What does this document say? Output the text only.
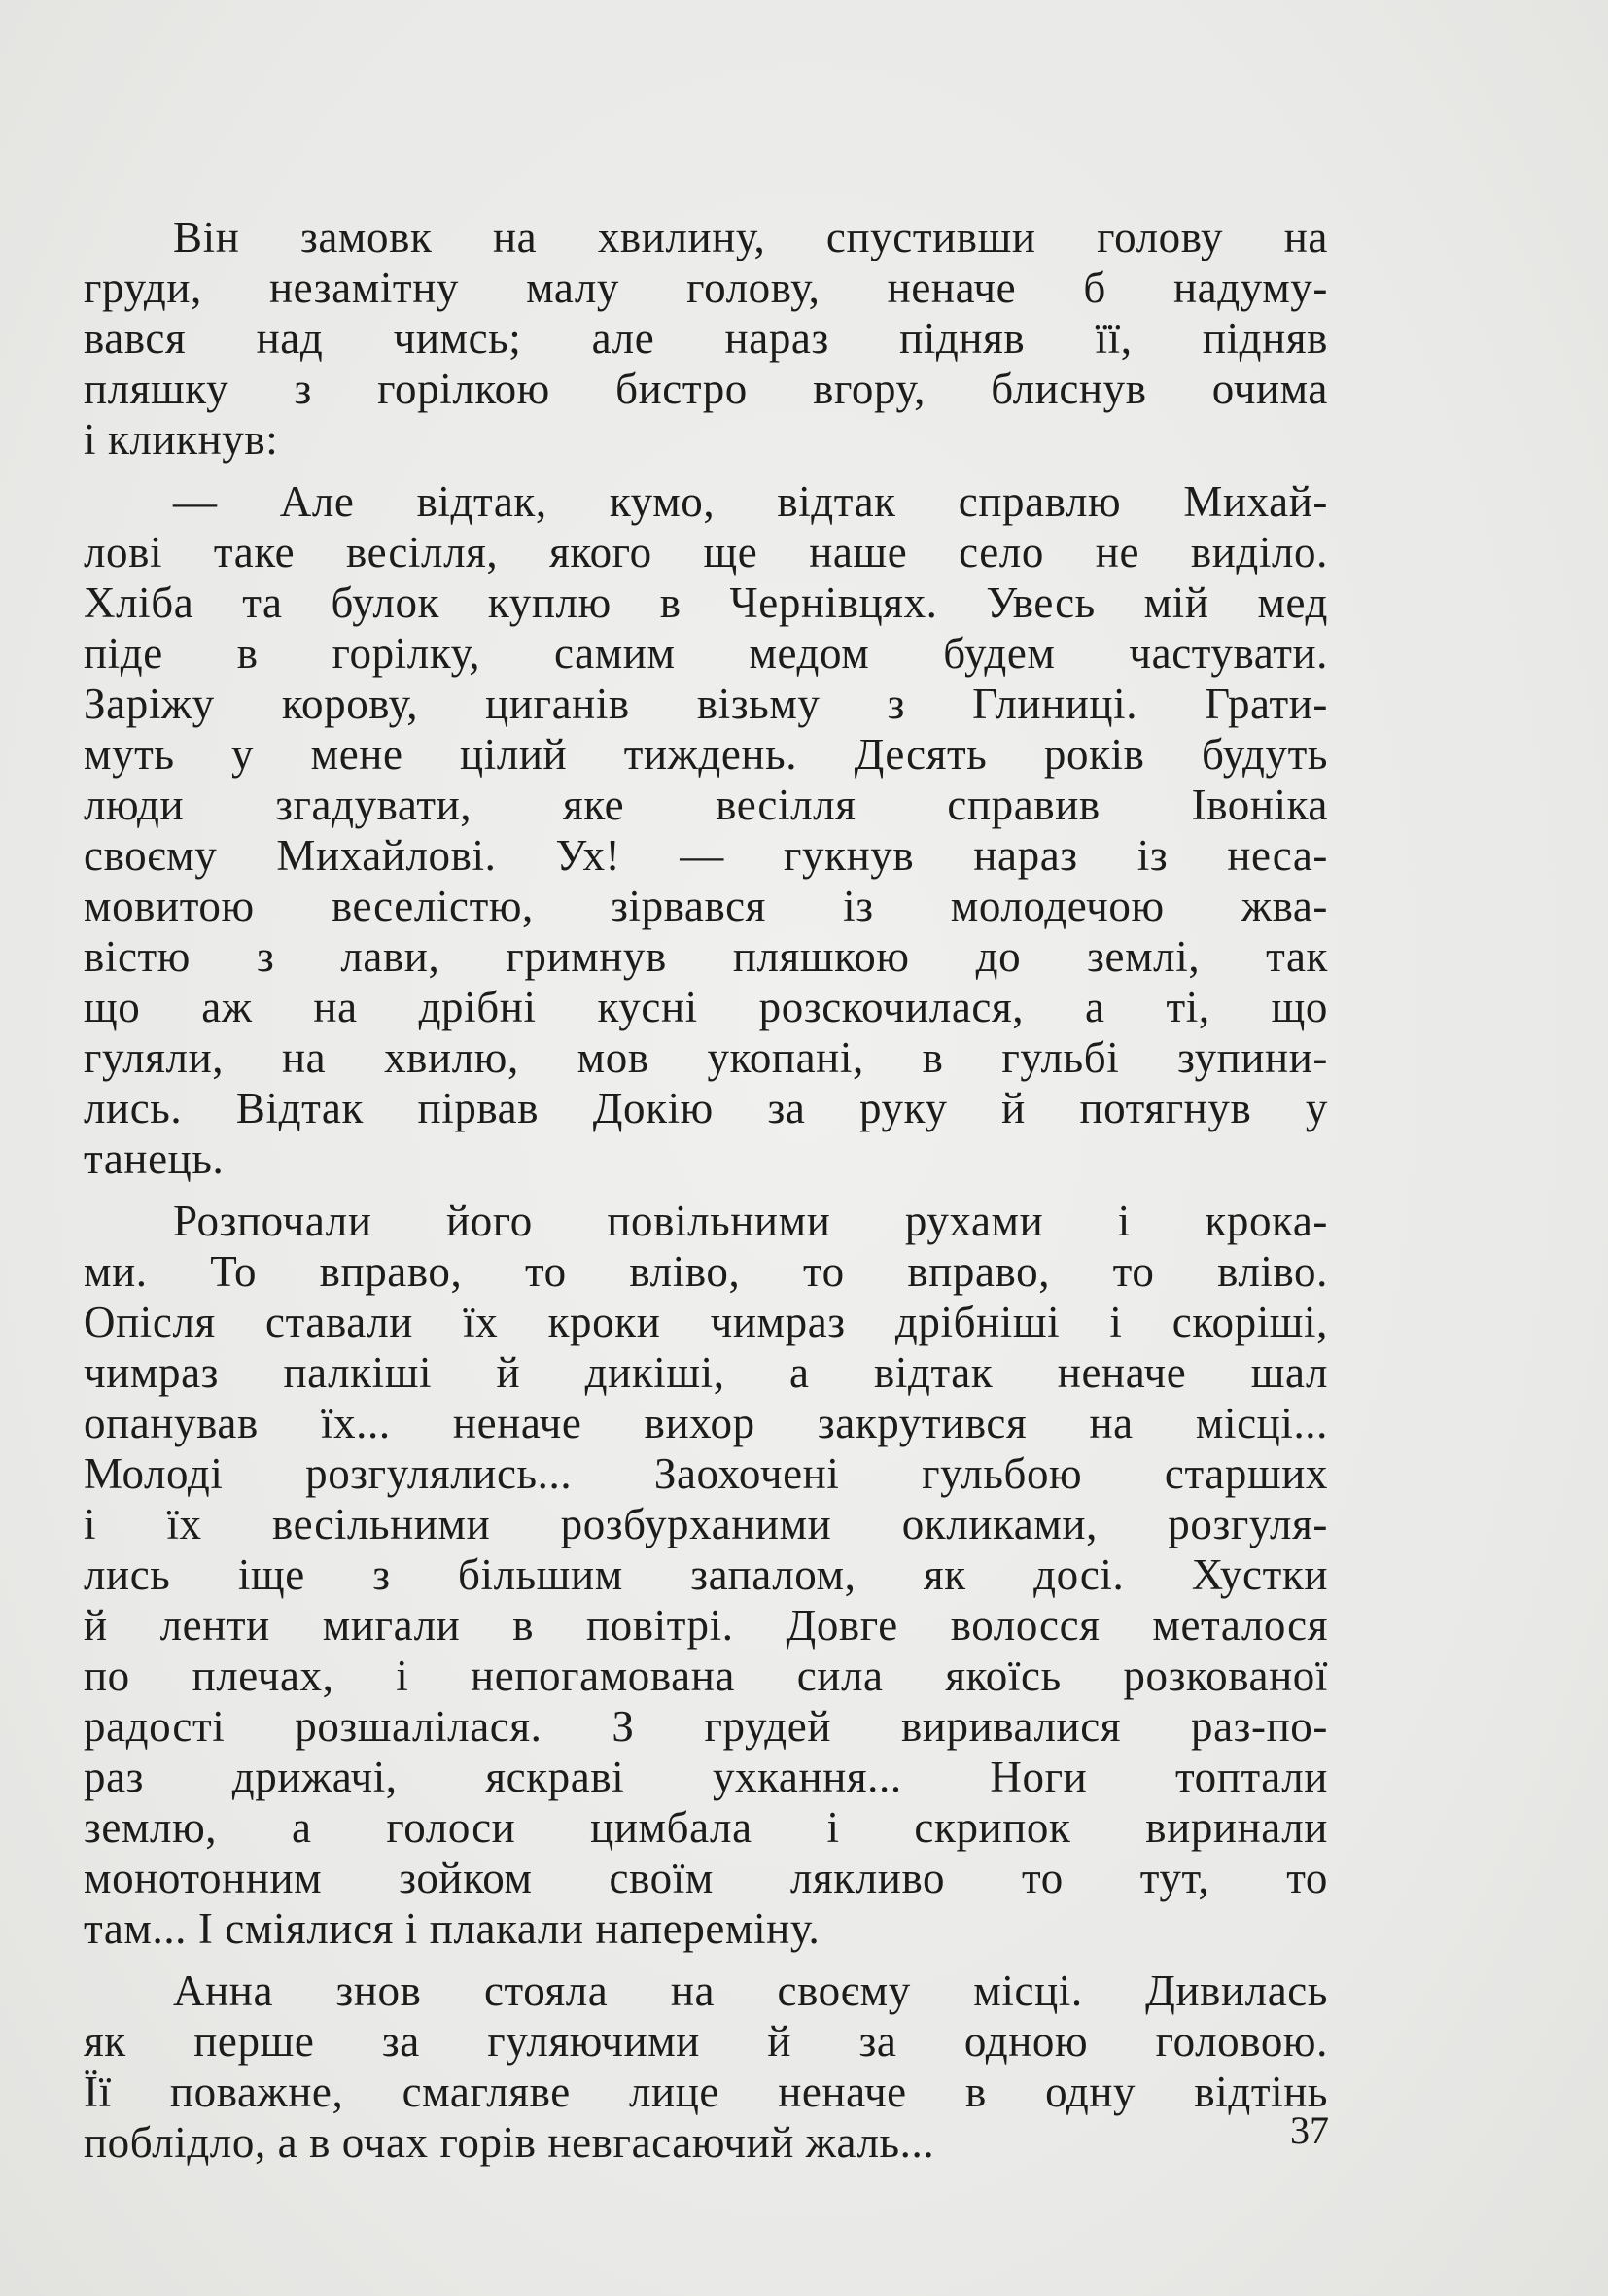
Він замовк на хвилину, спустивши голову на
груди, незамітну малу голову, неначе б надуму-
вався над чимсь; але нараз підняв її, підняв
пляшку з горілкою бистро вгору, блиснув очима
і кликнув:
— Але відтак, кумо, відтак справлю Михай-
лові таке весілля, якого ще наше село не виділо.
Хліба та булок куплю в Чернівцях. Увесь мій мед
піде в горілку, самим медом будем частувати.
Заріжу корову, циганів візьму з Глиниці. Грати-
муть у мене цілий тиждень. Десять років будуть
люди згадувати, яке весілля справив Івоніка
своєму Михайлові. Ух! — гукнув нараз із неса-
мовитою веселістю, зірвався із молодечою жва-
вістю з лави, гримнув пляшкою до землі, так
що аж на дрібні кусні розскочилася, а ті, що
гуляли, на хвилю, мов укопані, в гульбі зупини-
лись. Відтак пірвав Докію за руку й потягнув у
танець.
Розпочали його повільними рухами і крока-
ми. То вправо, то вліво, то вправо, то вліво.
Опісля ставали їх кроки чимраз дрібніші і скоріші,
чимраз палкіші й дикіші, а відтак неначе шал
опанував їх... неначе вихор закрутився на місці...
Молоді розгулялись... Заохочені гульбою старших
і їх весільними розбурханими окликами, розгуля-
лись іще з більшим запалом, як досі. Хустки
й ленти мигали в повітрі. Довге волосся металося
по плечах, і непогамована сила якоїсь розкованої
радості розшалілася. З грудей виривалися раз-по-
раз дрижачі, яскраві ухкання... Ноги топтали
землю, а голоси цимбала і скрипок виринали
монотонним зойком своїм лякливо то тут, то
там... І сміялися і плакали напереміну.
Анна знов стояла на своєму місці. Дивилась
як перше за гуляючими й за одною головою.
Її поважне, смагляве лице неначе в одну відтінь
поблідло, а в очах горів невгасаючий жаль...	37
